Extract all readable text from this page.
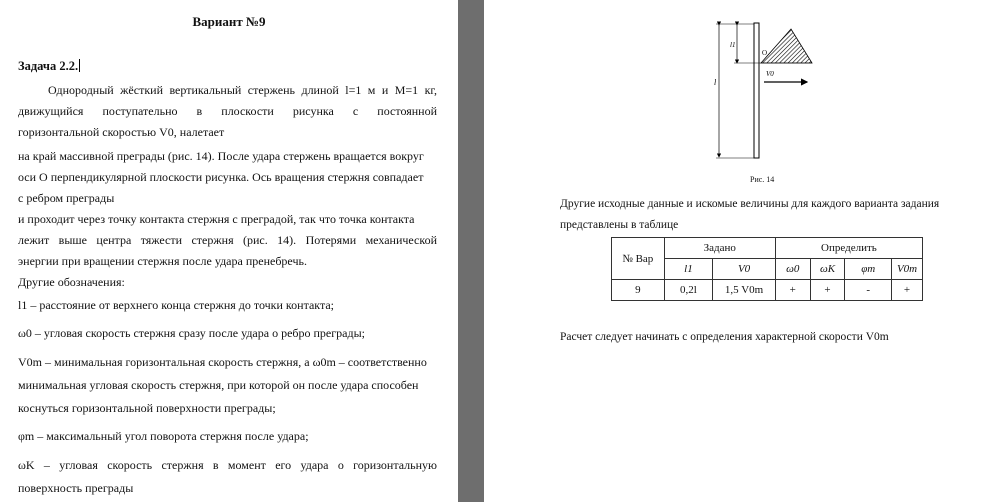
Вариант №9
Задача 2.2.
Однородный жёсткий вертикальный стержень длиной l=1 м и M=1 кг,
движущийся поступательно в плоскости рисунка с постоянной
горизонтальной скоростью V0, налетает
на край массивной преграды (рис. 14). После удара стержень вращается вокруг
оси О перпендикулярной плоскости рисунка. Ось вращения стержня совпадает
с ребром преграды
и проходит через точку контакта стержня с преградой, так что точка контакта
лежит выше центра тяжести стержня (рис. 14). Потерями механической
энергии при вращении стержня после удара пренебречь.
Другие обозначения:
l1 – расстояние от верхнего конца стержня до точки контакта;
ω0 – угловая скорость стержня сразу после удара о ребро преграды;
V0m – минимальная горизонтальная скорость стержня, а ω0m – соответственно
минимальная угловая скорость стержня, при которой он после удара способен
коснуться горизонтальной поверхности преграды;
φm – максимальный угол поворота стержня после удара;
ωK – угловая скорость стержня в момент его удара о горизонтальную
поверхность преграды
l
l1
O
V0
Рис. 14
Другие исходные данные и искомые величины для каждого варианта задания
представлены в таблице
№ Вар	Задано		Определить			
	l1	V0	ω0	ωK	φm	V0m
9	0,2l	1,5 V0m	+	+	-	+
Расчет следует начинать с определения характерной скорости V0m
